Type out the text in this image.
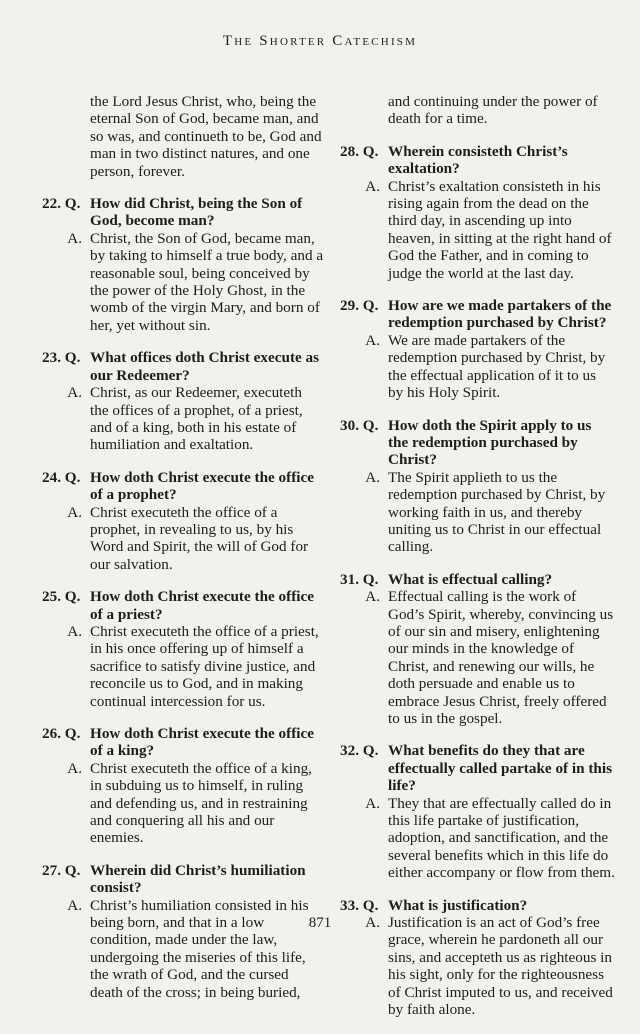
The Shorter Catechism
the Lord Jesus Christ, who, being the eternal Son of God, became man, and so was, and continueth to be, God and man in two distinct natures, and one person, forever.
22. Q. How did Christ, being the Son of God, become man?
A. Christ, the Son of God, became man, by taking to himself a true body, and a reasonable soul, being conceived by the power of the Holy Ghost, in the womb of the virgin Mary, and born of her, yet without sin.
23. Q. What offices doth Christ execute as our Redeemer?
A. Christ, as our Redeemer, executeth the offices of a prophet, of a priest, and of a king, both in his estate of humiliation and exaltation.
24. Q. How doth Christ execute the office of a prophet?
A. Christ executeth the office of a prophet, in revealing to us, by his Word and Spirit, the will of God for our salvation.
25. Q. How doth Christ execute the office of a priest?
A. Christ executeth the office of a priest, in his once offering up of himself a sacrifice to satisfy divine justice, and reconcile us to God, and in making continual intercession for us.
26. Q. How doth Christ execute the office of a king?
A. Christ executeth the office of a king, in subduing us to himself, in ruling and defending us, and in restraining and conquering all his and our enemies.
27. Q. Wherein did Christ’s humiliation consist?
A. Christ’s humiliation consisted in his being born, and that in a low condition, made under the law, undergoing the miseries of this life, the wrath of God, and the cursed death of the cross; in being buried,
and continuing under the power of death for a time.
28. Q. Wherein consisteth Christ’s exaltation?
A. Christ’s exaltation consisteth in his rising again from the dead on the third day, in ascending up into heaven, in sitting at the right hand of God the Father, and in coming to judge the world at the last day.
29. Q. How are we made partakers of the redemption purchased by Christ?
A. We are made partakers of the redemption purchased by Christ, by the effectual application of it to us by his Holy Spirit.
30. Q. How doth the Spirit apply to us the redemption purchased by Christ?
A. The Spirit applieth to us the redemption purchased by Christ, by working faith in us, and thereby uniting us to Christ in our effectual calling.
31. Q. What is effectual calling?
A. Effectual calling is the work of God’s Spirit, whereby, convincing us of our sin and misery, enlightening our minds in the knowledge of Christ, and renewing our wills, he doth persuade and enable us to embrace Jesus Christ, freely offered to us in the gospel.
32. Q. What benefits do they that are effectually called partake of in this life?
A. They that are effectually called do in this life partake of justification, adoption, and sanctification, and the several benefits which in this life do either accompany or flow from them.
33. Q. What is justification?
A. Justification is an act of God’s free grace, wherein he pardoneth all our sins, and accepteth us as righteous in his sight, only for the righteousness of Christ imputed to us, and received by faith alone.
871
